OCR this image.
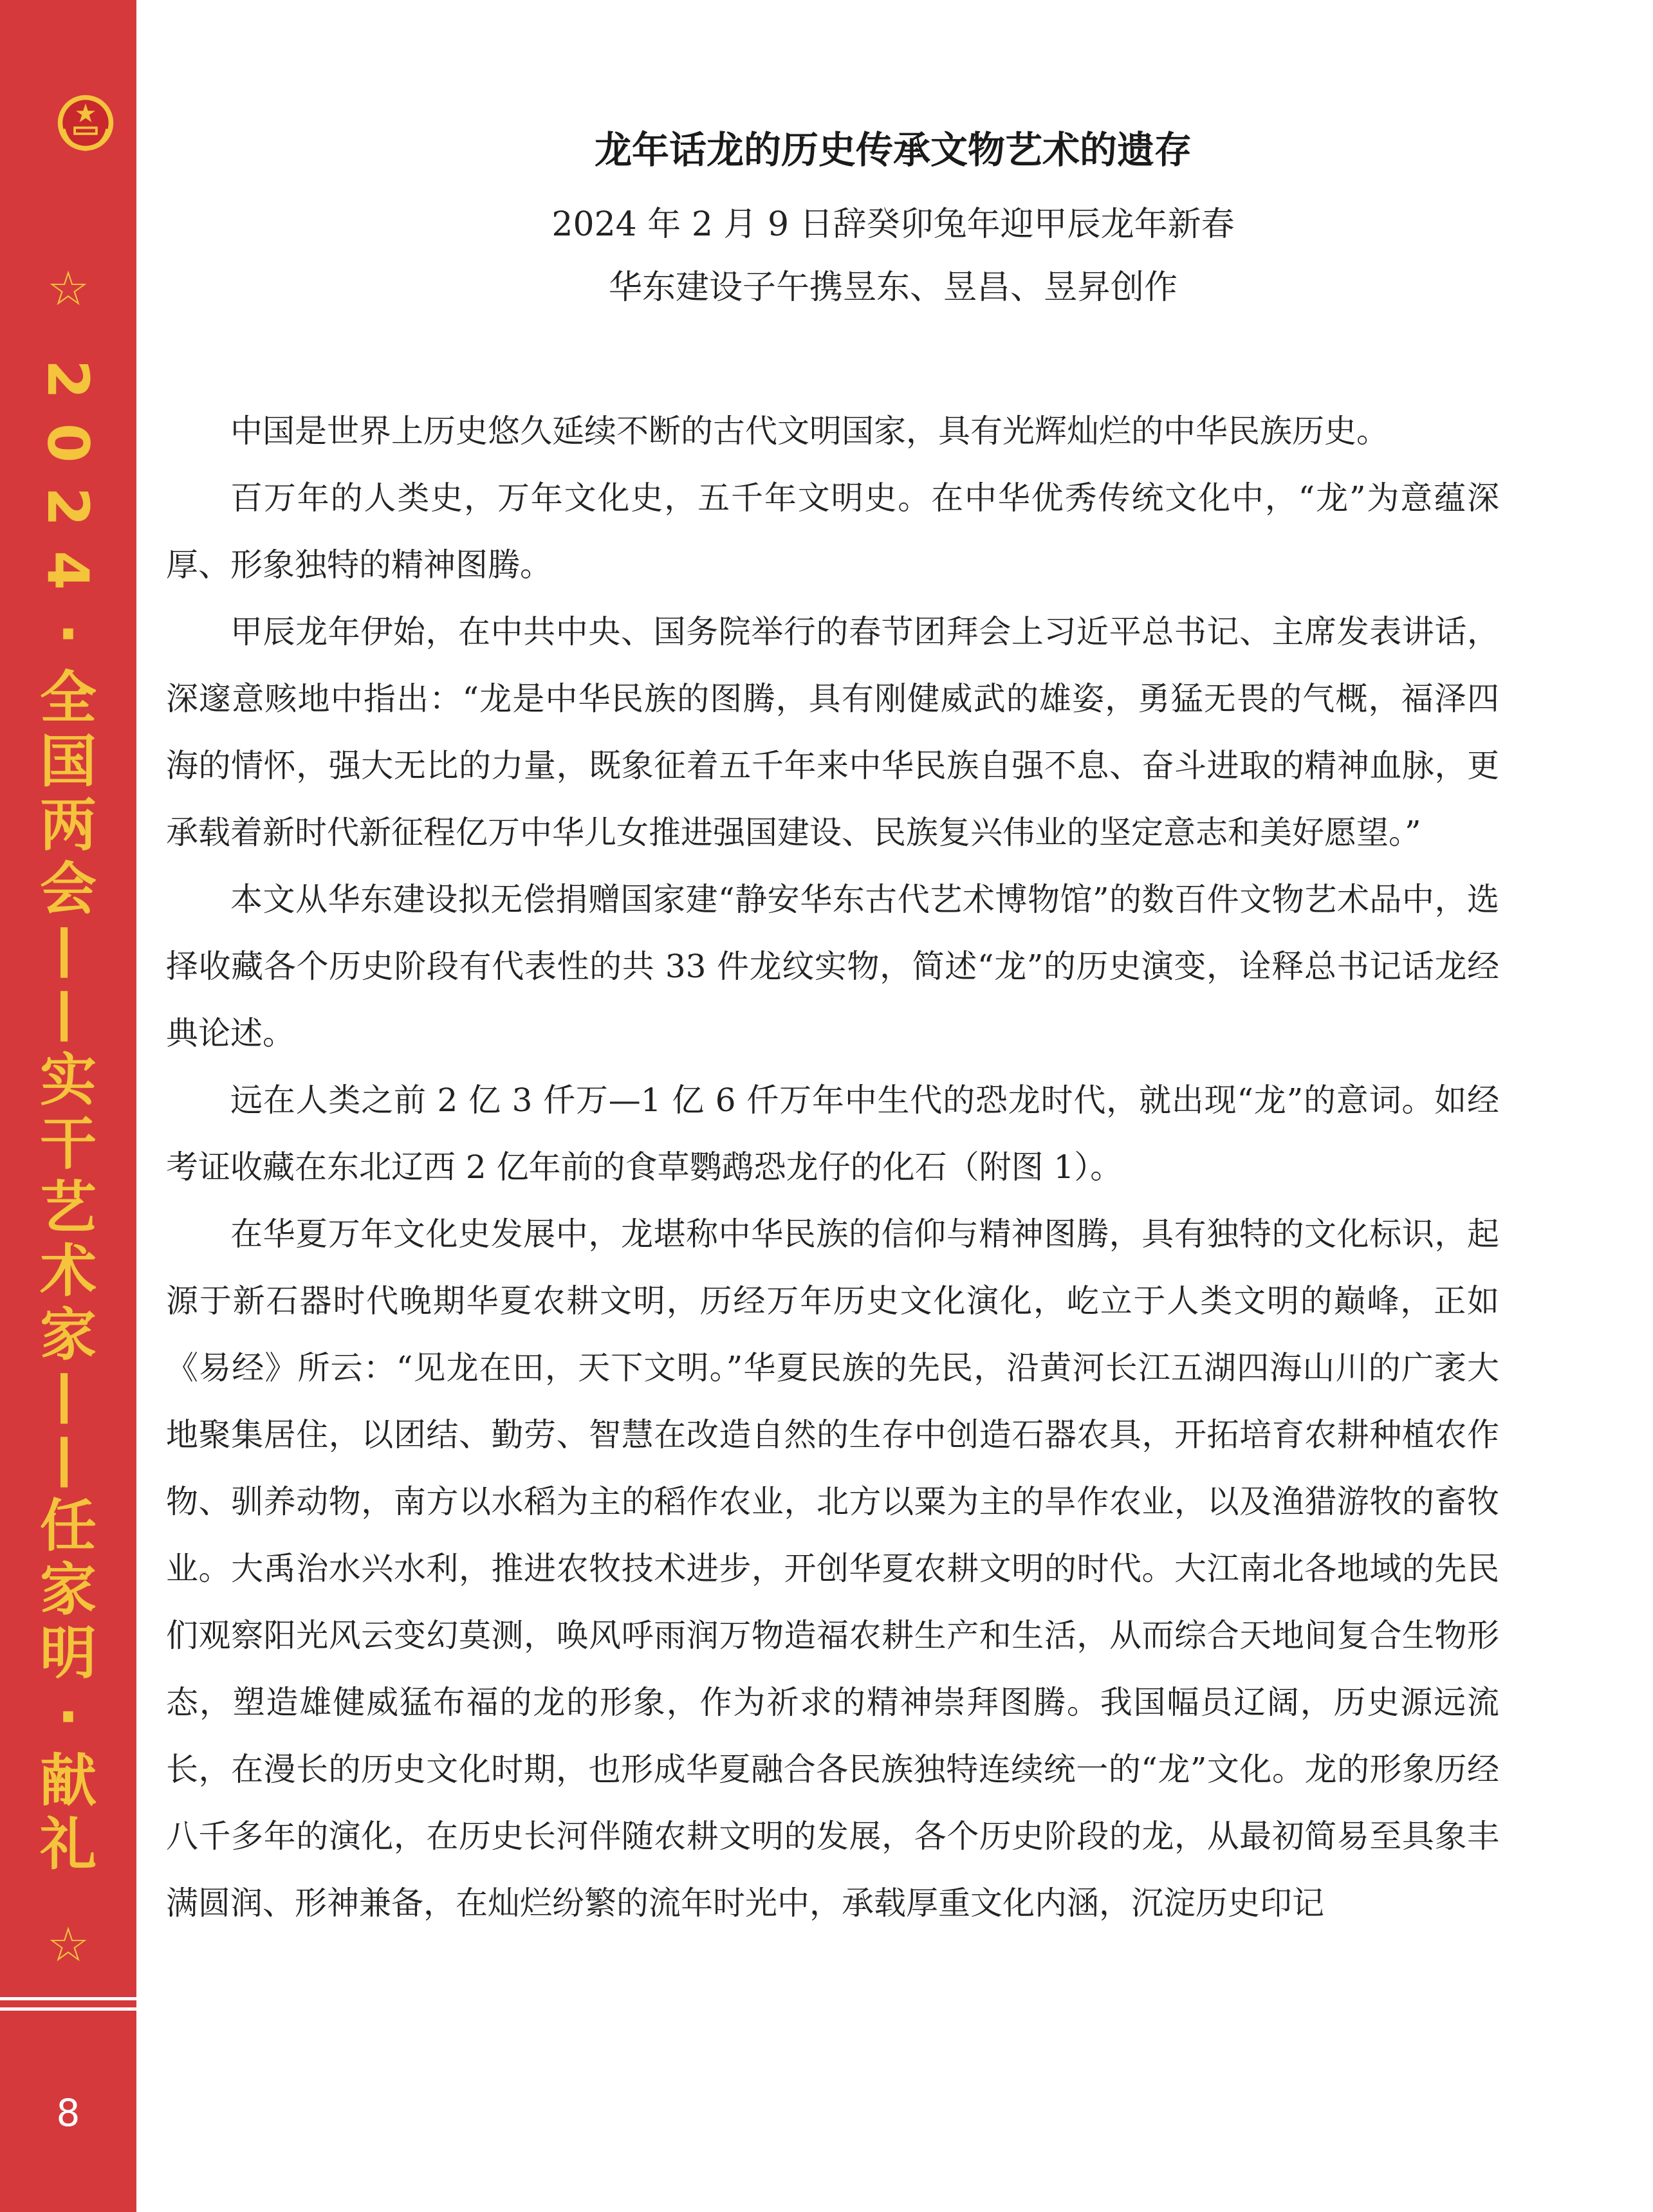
☆
2
0
2
4
·
全
国
两
会
—
—
实
干
艺
术
家
—
—
任
家
明
·
献
礼
☆
8
龙年话龙的历史传承文物艺术的遗存
2024 年 2 月 9 日辞癸卯兔年迎甲辰龙年新春
华东建设子午携昱东、昱昌、昱昇创作

中国是世界上历史悠久延续不断的古代文明国家，具有光辉灿烂的中华民族历史。

百万年的人类史，万年文化史，五千年文明史。在中华优秀传统文化中，“龙”为意蕴深厚、形象独特的精神图腾。

甲辰龙年伊始，在中共中央、国务院举行的春节团拜会上习近平总书记、主席发表讲话，深邃意赅地中指出：“龙是中华民族的图腾，具有刚健威武的雄姿，勇猛无畏的气概，福泽四海的情怀，强大无比的力量，既象征着五千年来中华民族自强不息、奋斗进取的精神血脉，更承载着新时代新征程亿万中华儿女推进强国建设、民族复兴伟业的坚定意志和美好愿望。”

本文从华东建设拟无偿捐赠国家建“静安华东古代艺术博物馆”的数百件文物艺术品中，选择收藏各个历史阶段有代表性的共 33 件龙纹实物，简述“龙”的历史演变，诠释总书记话龙经典论述。

远在人类之前 2 亿 3 仟万—1 亿 6 仟万年中生代的恐龙时代，就出现“龙”的意词。如经考证收藏在东北辽西 2 亿年前的食草鹦鹉恐龙仔的化石（附图 1）。

在华夏万年文化史发展中，龙堪称中华民族的信仰与精神图腾，具有独特的文化标识，起源于新石器时代晚期华夏农耕文明，历经万年历史文化演化，屹立于人类文明的巅峰，正如《易经》所云：“见龙在田，天下文明。”华夏民族的先民，沿黄河长江五湖四海山川的广袤大地聚集居住，以团结、勤劳、智慧在改造自然的生存中创造石器农具，开拓培育农耕种植农作物、驯养动物，南方以水稻为主的稻作农业，北方以粟为主的旱作农业，以及渔猎游牧的畜牧业。大禹治水兴水利，推进农牧技术进步，开创华夏农耕文明的时代。大江南北各地域的先民们观察阳光风云变幻莫测，唤风呼雨润万物造福农耕生产和生活，从而综合天地间复合生物形态，塑造雄健威猛布福的龙的形象，作为祈求的精神崇拜图腾。我国幅员辽阔，历史源远流长，在漫长的历史文化时期，也形成华夏融合各民族独特连续统一的“龙”文化。龙的形象历经八千多年的演化，在历史长河伴随农耕文明的发展，各个历史阶段的龙，从最初简易至具象丰满圆润、形神兼备，在灿烂纷繁的流年时光中，承载厚重文化内涵，沉淀历史印记
